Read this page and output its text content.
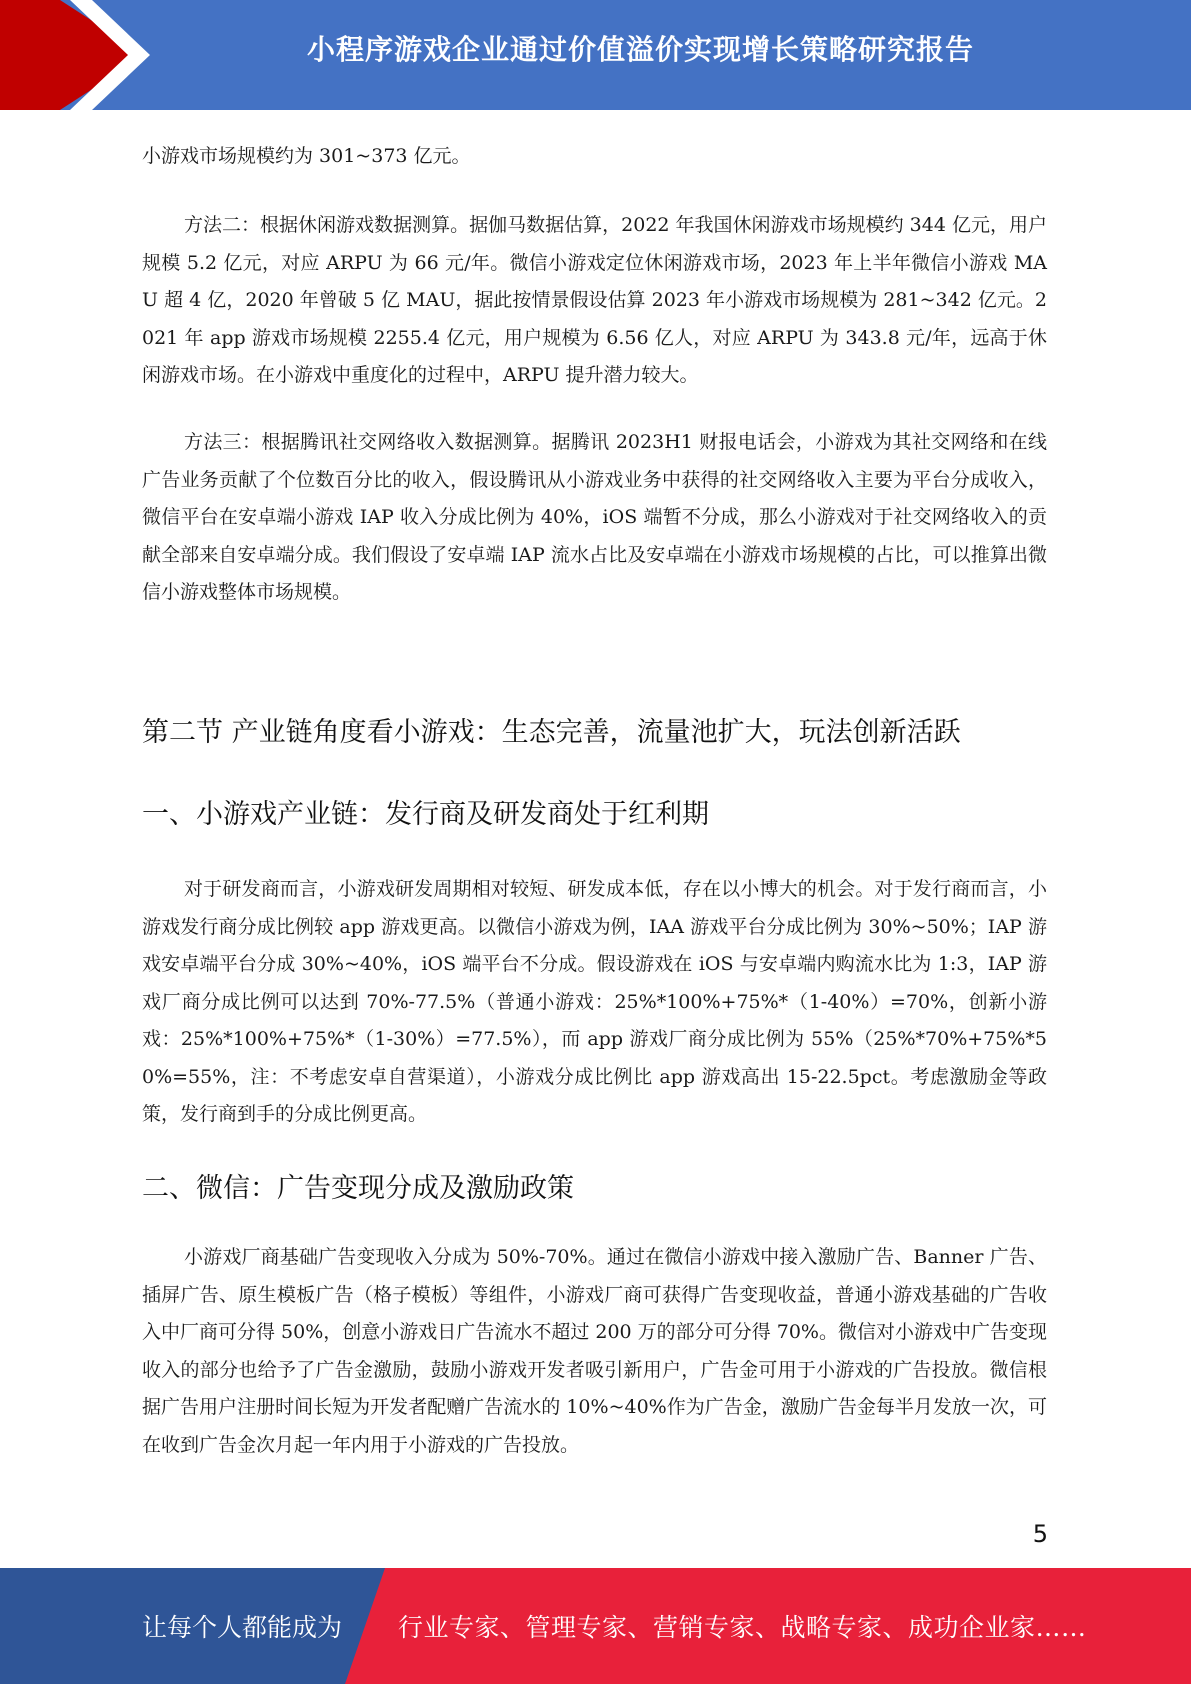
小程序游戏企业通过价值溢价实现增长策略研究报告

小游戏市场规模约为 301~373 亿元。

方法二：根据休闲游戏数据测算。据伽马数据估算，2022 年我国休闲游戏市场规模约 344 亿元，用户规模 5.2 亿元，对应 ARPU 为 66 元/年。微信小游戏定位休闲游戏市场，2023 年上半年微信小游戏 MAU 超 4 亿，2020 年曾破 5 亿 MAU，据此按情景假设估算 2023 年小游戏市场规模为 281~342 亿元。2021 年 app 游戏市场规模 2255.4 亿元，用户规模为 6.56 亿人，对应 ARPU 为 343.8 元/年，远高于休闲游戏市场。在小游戏中重度化的过程中，ARPU 提升潜力较大。

方法三：根据腾讯社交网络收入数据测算。据腾讯 2023H1 财报电话会，小游戏为其社交网络和在线广告业务贡献了个位数百分比的收入，假设腾讯从小游戏业务中获得的社交网络收入主要为平台分成收入，微信平台在安卓端小游戏 IAP 收入分成比例为 40%，iOS 端暂不分成，那么小游戏对于社交网络收入的贡献全部来自安卓端分成。我们假设了安卓端 IAP 流水占比及安卓端在小游戏市场规模的占比，可以推算出微信小游戏整体市场规模。

第二节 产业链角度看小游戏：生态完善，流量池扩大，玩法创新活跃
一、小游戏产业链：发行商及研发商处于红利期

对于研发商而言，小游戏研发周期相对较短、研发成本低，存在以小博大的机会。对于发行商而言，小游戏发行商分成比例较 app 游戏更高。以微信小游戏为例，IAA 游戏平台分成比例为 30%~50%；IAP 游戏安卓端平台分成 30%~40%，iOS 端平台不分成。假设游戏在 iOS 与安卓端内购流水比为 1:3，IAP 游戏厂商分成比例可以达到 70%-77.5%（普通小游戏：25%*100%+75%*（1-40%）=70%，创新小游戏：25%*100%+75%*（1-30%）=77.5%），而 app 游戏厂商分成比例为 55%（25%*70%+75%*50%=55%，注：不考虑安卓自营渠道），小游戏分成比例比 app 游戏高出 15-22.5pct。考虑激励金等政策，发行商到手的分成比例更高。

二、微信：广告变现分成及激励政策

小游戏厂商基础广告变现收入分成为 50%-70%。通过在微信小游戏中接入激励广告、Banner 广告、插屏广告、原生模板广告（格子模板）等组件，小游戏厂商可获得广告变现收益，普通小游戏基础的广告收入中厂商可分得 50%，创意小游戏日广告流水不超过 200 万的部分可分得 70%。微信对小游戏中广告变现收入的部分也给予了广告金激励，鼓励小游戏开发者吸引新用户，广告金可用于小游戏的广告投放。微信根据广告用户注册时间长短为开发者配赠广告流水的 10%~40%作为广告金，激励广告金每半月发放一次，可在收到广告金次月起一年内用于小游戏的广告投放。

5
让每个人都能成为 行业专家、管理专家、营销专家、战略专家、成功企业家……
